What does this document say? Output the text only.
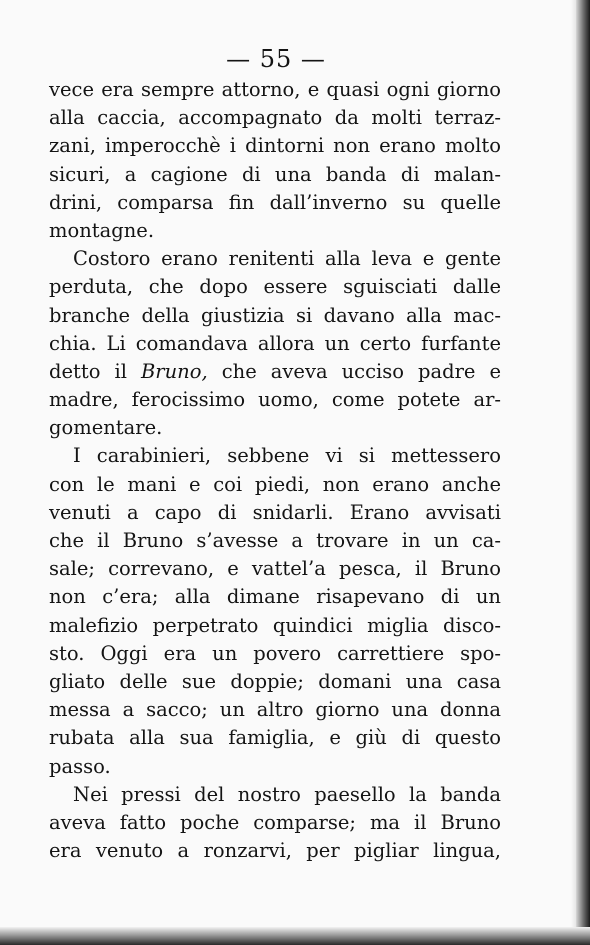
— 55 —
vece era sempre attorno, e quasi ogni giorno
alla caccia, accompagnato da molti terraz-
zani, imperocchè i dintorni non erano molto
sicuri, a cagione di una banda di malan-
drini, comparsa fin dall’inverno su quelle
montagne.
Costoro erano renitenti alla leva e gente
perduta, che dopo essere sguisciati dalle
branche della giustizia si davano alla mac-
chia. Li comandava allora un certo furfante
detto il Bruno, che aveva ucciso padre e
madre, ferocissimo uomo, come potete ar-
gomentare.
I carabinieri, sebbene vi si mettessero
con le mani e coi piedi, non erano anche
venuti a capo di snidarli. Erano avvisati
che il Bruno s’avesse a trovare in un ca-
sale; correvano, e vattel’a pesca, il Bruno
non c’era; alla dimane risapevano di un
malefizio perpetrato quindici miglia disco-
sto. Oggi era un povero carrettiere spo-
gliato delle sue doppie; domani una casa
messa a sacco; un altro giorno una donna
rubata alla sua famiglia, e giù di questo
passo.
Nei pressi del nostro paesello la banda
aveva fatto poche comparse; ma il Bruno
era venuto a ronzarvi, per pigliar lingua,
